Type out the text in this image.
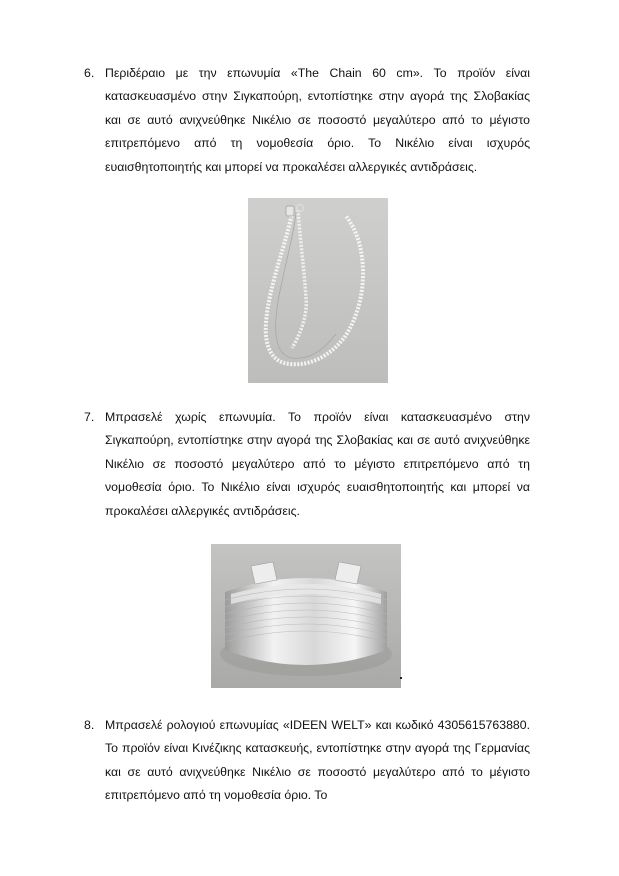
6. Περιδέραιο με την επωνυμία «The Chain 60 cm». Το προϊόν είναι κατασκευασμένο στην Σιγκαπούρη, εντοπίστηκε στην αγορά της Σλοβακίας και σε αυτό ανιχνεύθηκε Νικέλιο σε ποσοστό μεγαλύτερο από το μέγιστο επιτρεπόμενο από τη νομοθεσία όριο. Το Νικέλιο είναι ισχυρός ευαισθητοποιητής και μπορεί να προκαλέσει αλλεργικές αντιδράσεις.
7. Μπρασελέ χωρίς επωνυμία. Το προϊόν είναι κατασκευασμένο στην Σιγκαπούρη, εντοπίστηκε στην αγορά της Σλοβακίας και σε αυτό ανιχνεύθηκε Νικέλιο σε ποσοστό μεγαλύτερο από το μέγιστο επιτρεπόμενο από τη νομοθεσία όριο. Το Νικέλιο είναι ισχυρός ευαισθητοποιητής και μπορεί να προκαλέσει αλλεργικές αντιδράσεις.
8. Μπρασελέ ρολογιού επωνυμίας «IDEEN WELT» και κωδικό 4305615763880. Το προϊόν είναι Κινέζικης κατασκευής, εντοπίστηκε στην αγορά της Γερμανίας και σε αυτό ανιχνεύθηκε Νικέλιο σε ποσοστό μεγαλύτερο από το μέγιστο επιτρεπόμενο από τη νομοθεσία όριο. Το
